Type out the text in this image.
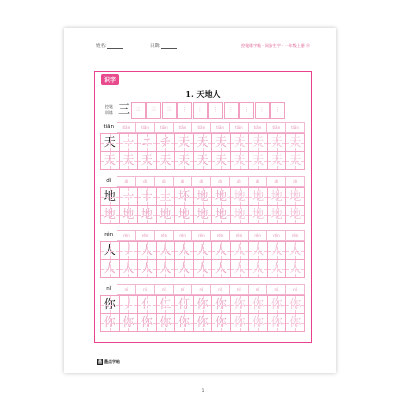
姓名:	日期:	控笔练字帖 · 同步生字 · 一年级上册 ⓪
识字
1. 天地人
控笔
训练 三	三	三	三	⋮	⋮	⋮	⋮	⋮	⋮	⋮
tiān	tiān	tiān	tiān	tiān	tiān	tiān	tiān	tiān	tiān	tiān
天 一 ニ チ 天 天 天 天 天 天 天
天 天 天 天 天 天 天 天 天 天 天
dì	dì	dì	dì	dì	dì	dì	dì	dì	dì	dì
地 一 十 土 坏 地 地 地 地 地 地
地 地 地 地 地 地 地 地 地 地 地
rén	rén	rén	rén	rén	rén	rén	rén	rén	rén	rén
人 丿 人 人 人 人 人 人 人 人 人
人 人 人 人 人 人 人 人 人 人 人
nǐ	nǐ	nǐ	nǐ	nǐ	nǐ	nǐ	nǐ	nǐ	nǐ	nǐ
你 丿 亻 仁 仃 你 你 你 你 你 你
你 你 你 你 你 你 你 你 你 你 你
1
墨 墨点字帖
